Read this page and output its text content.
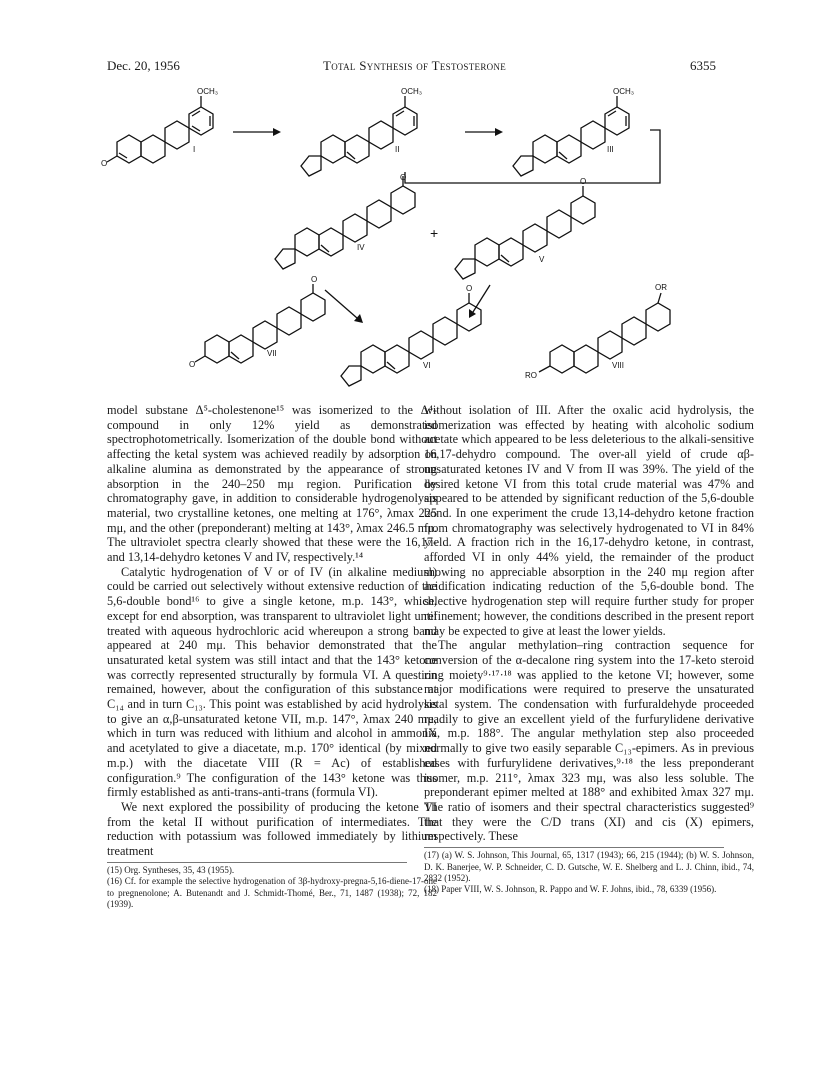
Dec. 20, 1956	Total Synthesis of Testosterone	6355
OCH₃
O
I
OCH₃
II
OCH₃
III
O
IV
+
O
V
O
O
VII
O
VI
OR
RO
VIII

model substane Δ⁵-cholestenone¹⁵ was isomerized to the Δ⁴-compound in only 12% yield as demonstrated spectrophotometrically. Isomerization of the double bond without affecting the ketal system was achieved readily by adsorption on alkaline alumina as demonstrated by the appearance of strong absorption in the 240–250 mμ region. Purification by chromatography gave, in addition to considerable hydrogenolysis material, two crystalline ketones, one melting at 176°, λmax 225 mμ, and the other (preponderant) melting at 143°, λmax 246.5 mμ. The ultraviolet spectra clearly showed that these were the 16,17- and 13,14-dehydro ketones V and IV, respectively.¹⁴

Catalytic hydrogenation of V or of IV (in alkaline medium) could be carried out selectively without extensive reduction of the 5,6-double bond¹⁶ to give a single ketone, m.p. 143°, which, except for end absorption, was transparent to ultraviolet light until treated with aqueous hydrochloric acid whereupon a strong band appeared at 240 mμ. This behavior demonstrated that the unsaturated ketal system was still intact and that the 143° ketone was correctly represented structurally by formula VI. A question remained, however, about the configuration of this substance at C₁₄ and in turn C₁₃. This point was established by acid hydrolysis to give an α,β-unsaturated ketone VII, m.p. 147°, λmax 240 mμ, which in turn was reduced with lithium and alcohol in ammonia and acetylated to give a diacetate, m.p. 170° identical (by mixed m.p.) with the diacetate VIII (R = Ac) of established configuration.⁹ The configuration of the 143° ketone was thus firmly established as anti-trans-anti-trans (formula VI).

We next explored the possibility of producing the ketone VI from the ketal II without purification of intermediates. The reduction with potassium was followed immediately by lithium treatment

(15) Org. Syntheses, 35, 43 (1955).

(16) Cf. for example the selective hydrogenation of 3β-hydroxy-pregna-5,16-diene-17-one to pregnenolone; A. Butenandt and J. Schmidt-Thomé, Ber., 71, 1487 (1938); 72, 182 (1939).

without isolation of III. After the oxalic acid hydrolysis, the isomerization was effected by heating with alcoholic sodium acetate which appeared to be less deleterious to the alkali-sensitive 16,17-dehydro compound. The over-all yield of crude αβ-unsaturated ketones IV and V from II was 39%. The yield of the desired ketone VI from this total crude material was 47% and appeared to be attended by significant reduction of the 5,6-double bond. In one experiment the crude 13,14-dehydro ketone fraction from chromatography was selectively hydrogenated to VI in 84% yield. A fraction rich in the 16,17-dehydro ketone, in contrast, afforded VI in only 44% yield, the remainder of the product showing no appreciable absorption in the 240 mμ region after acidification indicating reduction of the 5,6-double bond. The selective hydrogenation step will require further study for proper refinement; however, the conditions described in the present report may be expected to give at least the lower yields.

The angular methylation–ring contraction sequence for conversion of the α-decalone ring system into the 17-keto steroid ring moiety⁹·¹⁷·¹⁸ was applied to the ketone VI; however, some major modifications were required to preserve the unsaturated ketal system. The condensation with furfuraldehyde proceeded readily to give an excellent yield of the furfurylidene derivative IX, m.p. 188°. The angular methylation step also proceeded normally to give two easily separable C₁₃-epimers. As in previous cases with furfurylidene derivatives,⁹·¹⁸ the less preponderant isomer, m.p. 211°, λmax 323 mμ, was also less soluble. The preponderant epimer melted at 188° and exhibited λmax 327 mμ. The ratio of isomers and their spectral characteristics suggested⁹ that they were the C/D trans (XI) and cis (X) epimers, respectively. These

(17) (a) W. S. Johnson, This Journal, 65, 1317 (1943); 66, 215 (1944); (b) W. S. Johnson, D. K. Banerjee, W. P. Schneider, C. D. Gutsche, W. E. Shelberg and L. J. Chinn, ibid., 74, 2832 (1952).

(18) Paper VIII, W. S. Johnson, R. Pappo and W. F. Johns, ibid., 78, 6339 (1956).
